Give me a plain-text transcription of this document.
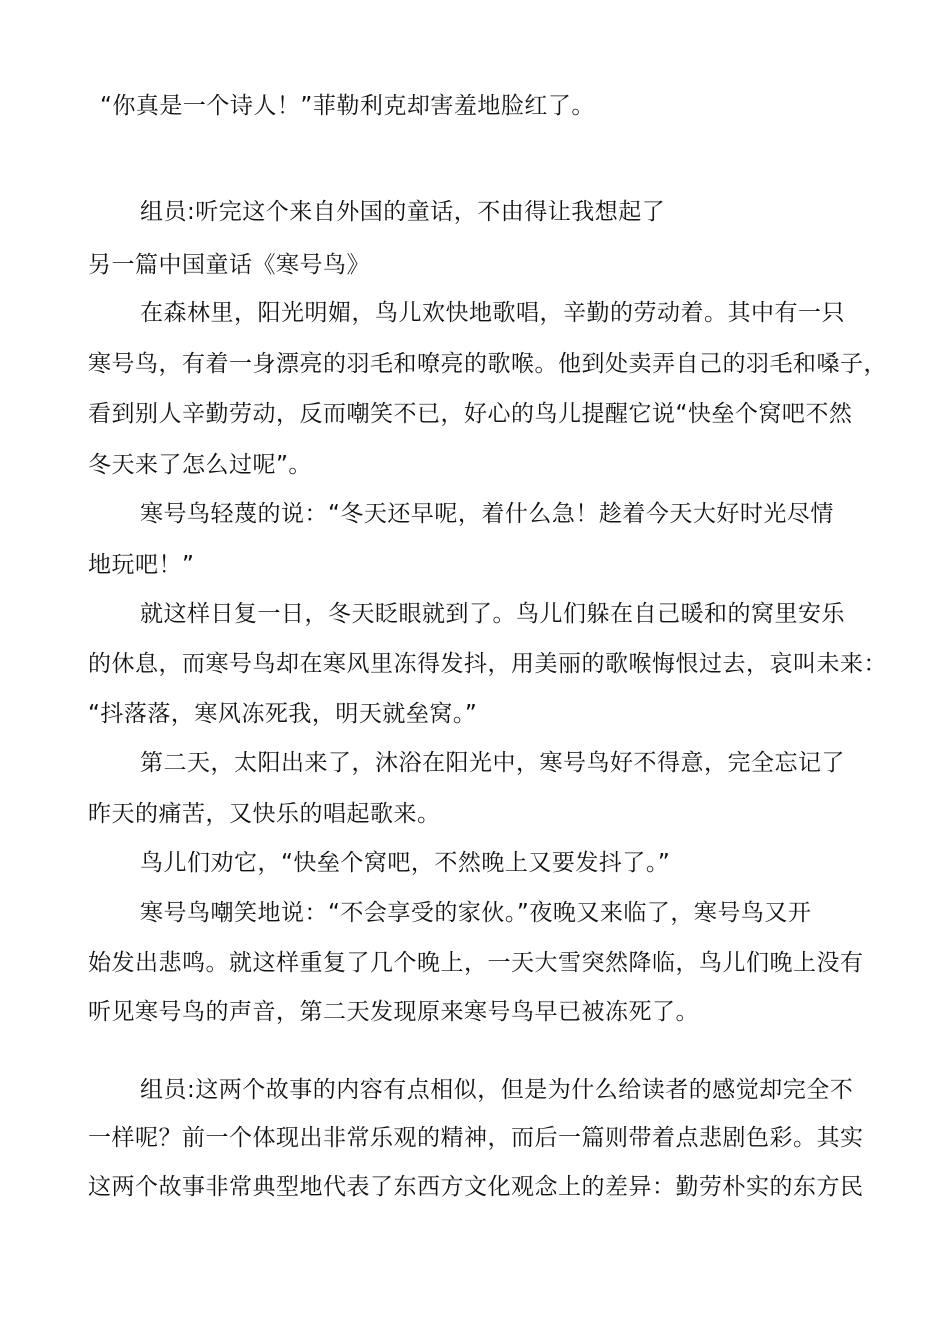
“你真是一个诗人！”菲勒利克却害羞地脸红了。
组员:听完这个来自外国的童话，不由得让我想起了
另一篇中国童话《寒号鸟》
在森林里，阳光明媚，鸟儿欢快地歌唱，辛勤的劳动着。其中有一只
寒号鸟，有着一身漂亮的羽毛和嘹亮的歌喉。他到处卖弄自己的羽毛和嗓子，
看到别人辛勤劳动，反而嘲笑不已，好心的鸟儿提醒它说“快垒个窝吧不然
冬天来了怎么过呢”。
寒号鸟轻蔑的说：“冬天还早呢，着什么急！趁着今天大好时光尽情
地玩吧！”
就这样日复一日，冬天眨眼就到了。鸟儿们躲在自己暖和的窝里安乐
的休息，而寒号鸟却在寒风里冻得发抖，用美丽的歌喉悔恨过去，哀叫未来：
“抖落落，寒风冻死我，明天就垒窝。”
第二天，太阳出来了，沐浴在阳光中，寒号鸟好不得意，完全忘记了
昨天的痛苦，又快乐的唱起歌来。
鸟儿们劝它，“快垒个窝吧，不然晚上又要发抖了。”
寒号鸟嘲笑地说：“不会享受的家伙。”夜晚又来临了，寒号鸟又开
始发出悲鸣。就这样重复了几个晚上，一天大雪突然降临，鸟儿们晚上没有
听见寒号鸟的声音，第二天发现原来寒号鸟早已被冻死了。
组员:这两个故事的内容有点相似，但是为什么给读者的感觉却完全不
一样呢？前一个体现出非常乐观的精神，而后一篇则带着点悲剧色彩。其实
这两个故事非常典型地代表了东西方文化观念上的差异：勤劳朴实的东方民
